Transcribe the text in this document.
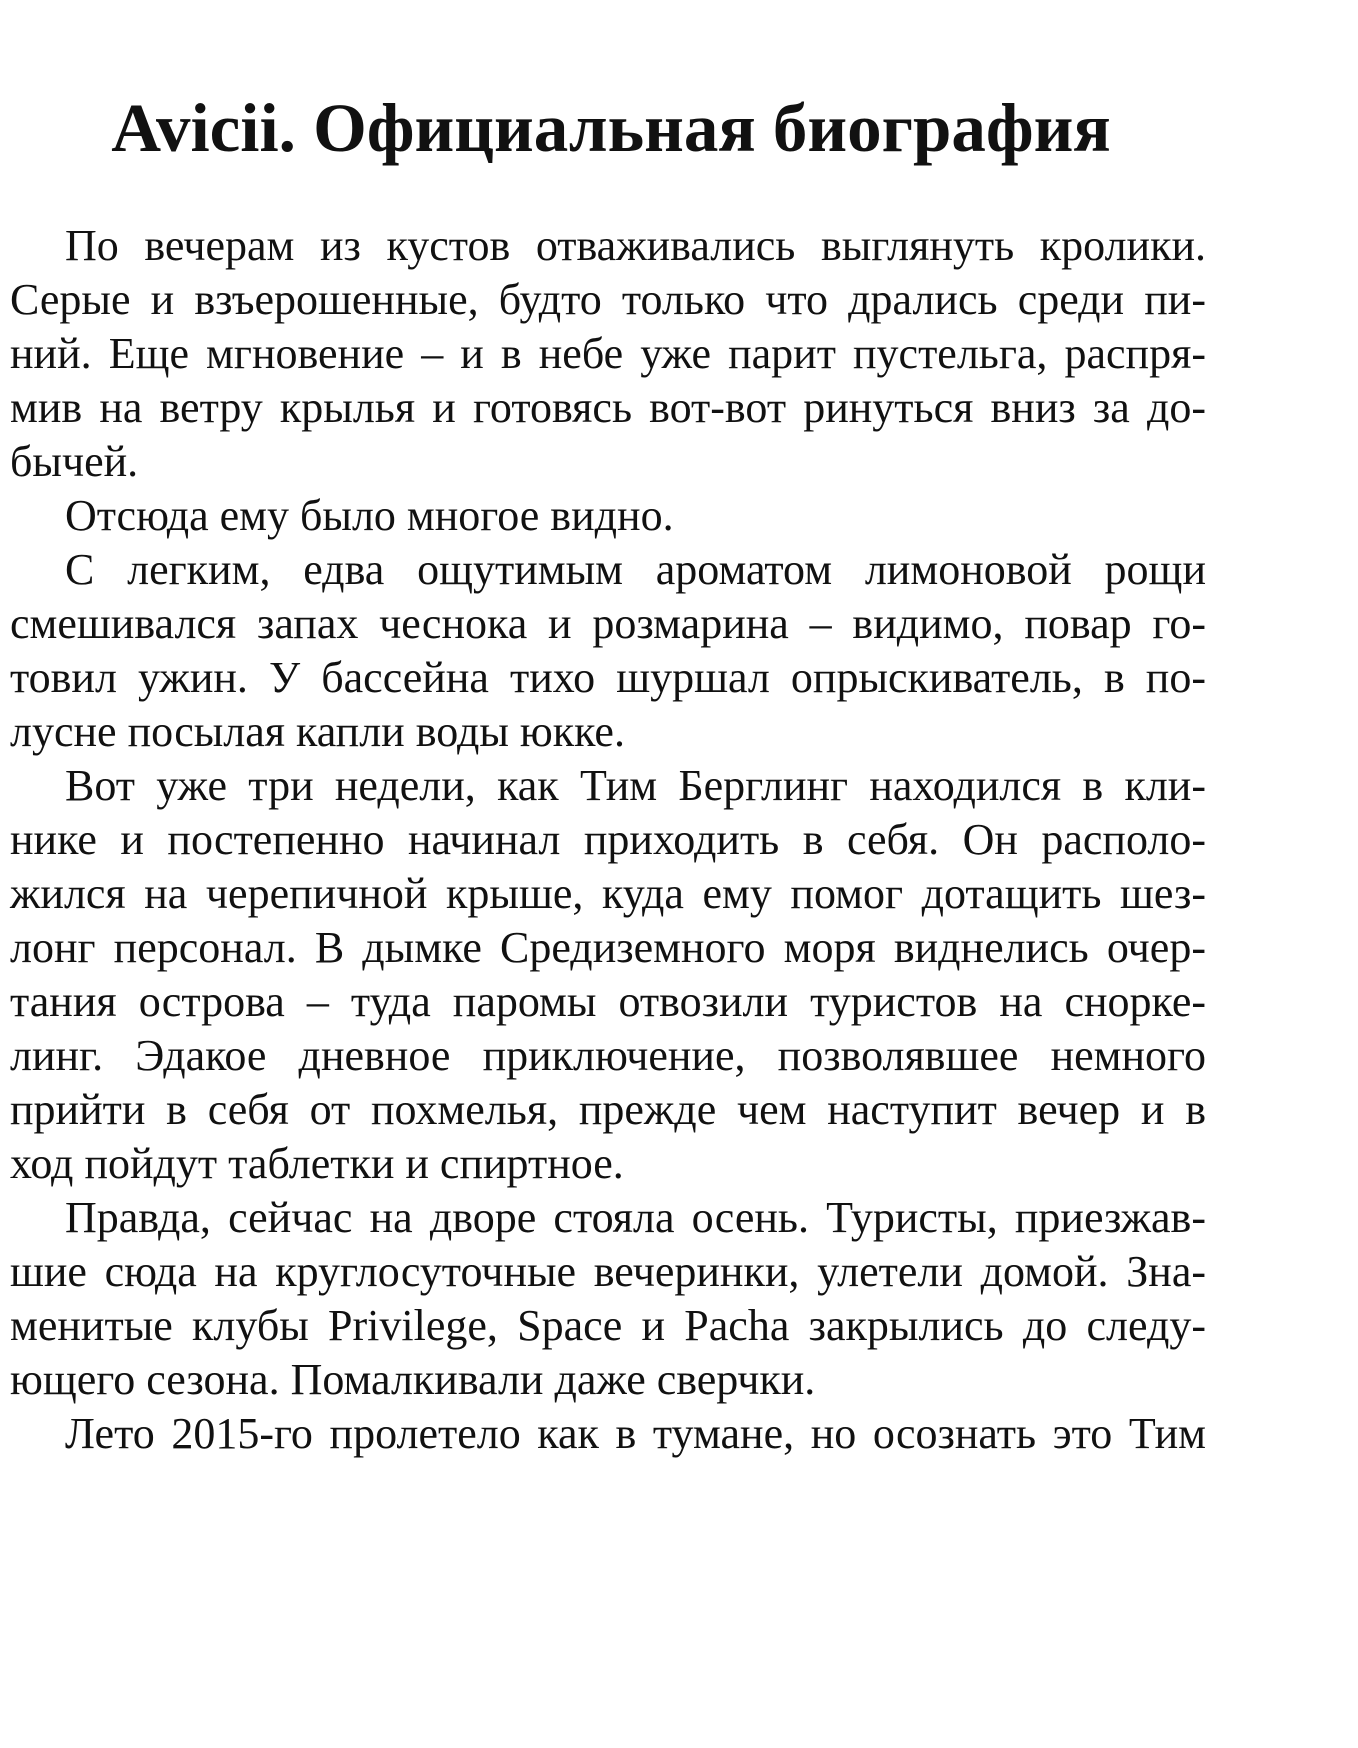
Avicii. Официальная биография

По вечерам из кустов отваживались выглянуть кролики.
Серые и взъерошенные, будто только что дрались среди пи-
ний. Еще мгновение – и в небе уже парит пустельга, распря-
мив на ветру крылья и готовясь вот-вот ринуться вниз за до-
бычей.

Отсюда ему было многое видно.

С легким, едва ощутимым ароматом лимоновой рощи
смешивался запах чеснока и розмарина – видимо, повар го-
товил ужин. У бассейна тихо шуршал опрыскиватель, в по-
лусне посылая капли воды юкке.

Вот уже три недели, как Тим Берглинг находился в кли-
нике и постепенно начинал приходить в себя. Он располо-
жился на черепичной крыше, куда ему помог дотащить шез-
лонг персонал. В дымке Средиземного моря виднелись очер-
тания острова – туда паромы отвозили туристов на снорке-
линг. Эдакое дневное приключение, позволявшее немного
прийти в себя от похмелья, прежде чем наступит вечер и в
ход пойдут таблетки и спиртное.

Правда, сейчас на дворе стояла осень. Туристы, приезжав-
шие сюда на круглосуточные вечеринки, улетели домой. Зна-
менитые клубы Privilege, Space и Pacha закрылись до следу-
ющего сезона. Помалкивали даже сверчки.

Лето 2015-го пролетело как в тумане, но осознать это Тим
